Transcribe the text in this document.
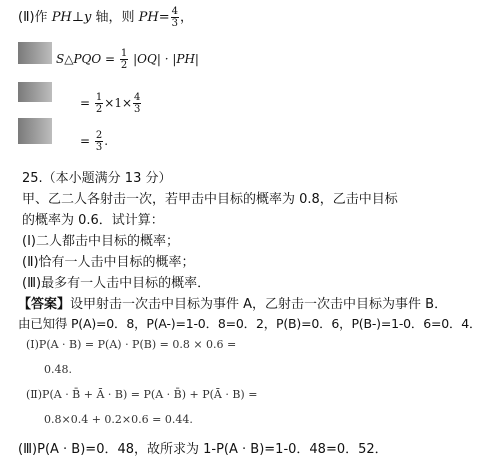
(Ⅱ)作 PH⊥y 轴，则 $PH= \frac{4}{3}$ ，
S△PQO = $\frac{1}{2} |OQ| \cdot |PH|$
= $\frac{1}{2} \times 1\times \frac{4}{3}$
= $\frac{2}{3}$ .
25.（本小题满分 13 分）
甲、乙二人各射击一次，若甲击中目标的概率为 0.8，乙击中目标
的概率为 0.6．试计算：
(Ⅰ)二人都击中目标的概率；
(Ⅱ)恰有一人击中目标的概率；
(Ⅲ)最多有一人击中目标的概率．
【答案】设甲射击一次击中目标为事件 A，乙射击一次击中目标为事件 B．
由已知得 P(A)=0．8，P(A-)=1-0．8=0．2，P(B)=0．6，P(B-)=1-0．6=0．4．
(Ⅰ)P(A · B) = P(A) · P(B) = 0.8 × 0.6 =
0.48.
(Ⅱ)P(A · B̄ + Ā · B) = P(A · B̄) + P(Ā · B) =
0.8×0.4 + 0.2×0.6 = 0.44.
(Ⅲ)P(A · B)=0．48，故所求为 1-P(A · B)=1-0．48=0．52．
